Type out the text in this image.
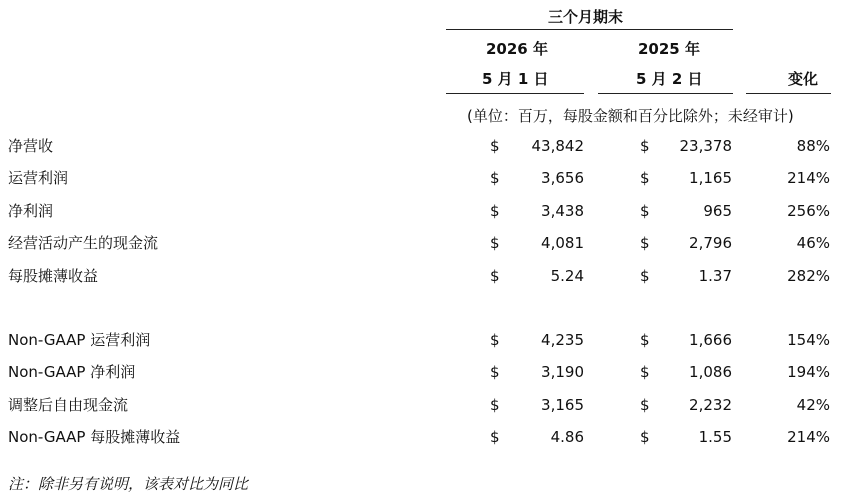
三个月期末
2026 年	2025 年
5 月 1 日	5 月 2 日	变化
(单位：百万，每股金额和百分比除外；未经审计)
净营收	$ 43,842	$ 23,378	88%
运营利润	$	3,656	$	1,165	214%
净利润	$	3,438	$	965	256%
经营活动产生的现金流	$	4,081	$	2,796	46%
每股摊薄收益	$	5.24	$	1.37	282%
Non-GAAP 运营利润	$	4,235	$	1,666	154%
Non-GAAP 净利润	$	3,190	$	1,086	194%
调整后自由现金流	$	3,165	$	2,232	42%
Non-GAAP 每股摊薄收益	$	4.86	$	1.55	214%
注：除非另有说明，该表对比为同比
